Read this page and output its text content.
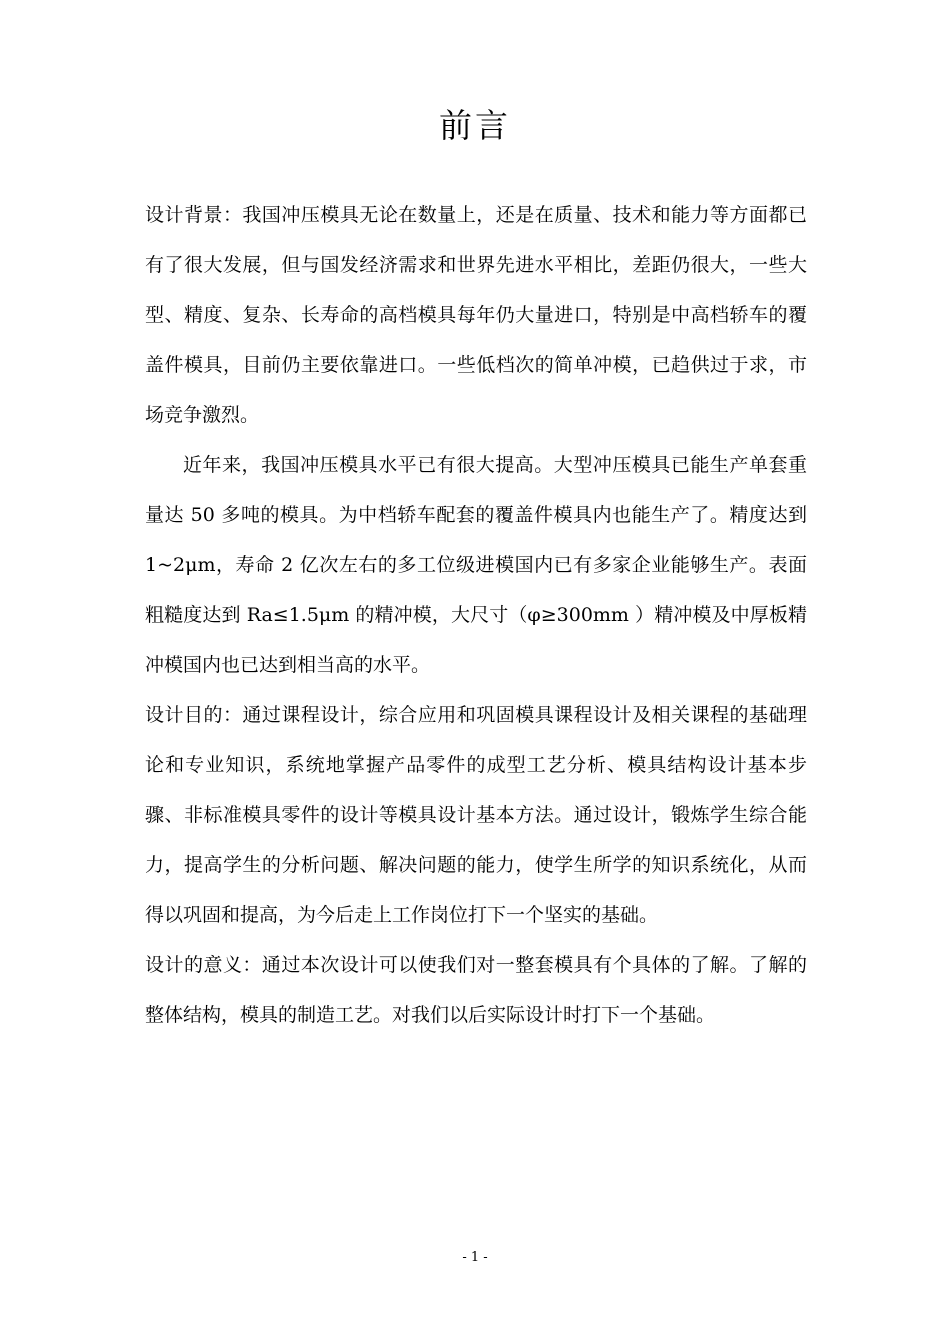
前言

设计背景：我国冲压模具无论在数量上，还是在质量、技术和能力等方面都已有了很大发展，但与国发经济需求和世界先进水平相比，差距仍很大，一些大型、精度、复杂、长寿命的高档模具每年仍大量进口，特别是中高档轿车的覆盖件模具，目前仍主要依靠进口。一些低档次的简单冲模，已趋供过于求，市场竞争激烈。

近年来，我国冲压模具水平已有很大提高。大型冲压模具已能生产单套重量达 50 多吨的模具。为中档轿车配套的覆盖件模具内也能生产了。精度达到1~2μm，寿命 2 亿次左右的多工位级进模国内已有多家企业能够生产。表面粗糙度达到 Ra≤1.5μm 的精冲模，大尺寸（φ≥300mm ）精冲模及中厚板精冲模国内也已达到相当高的水平。

设计目的：通过课程设计，综合应用和巩固模具课程设计及相关课程的基础理论和专业知识，系统地掌握产品零件的成型工艺分析、模具结构设计基本步骤、非标准模具零件的设计等模具设计基本方法。通过设计，锻炼学生综合能力，提高学生的分析问题、解决问题的能力，使学生所学的知识系统化，从而得以巩固和提高，为今后走上工作岗位打下一个坚实的基础。

设计的意义：通过本次设计可以使我们对一整套模具有个具体的了解。了解的整体结构，模具的制造工艺。对我们以后实际设计时打下一个基础。

- 1 -
